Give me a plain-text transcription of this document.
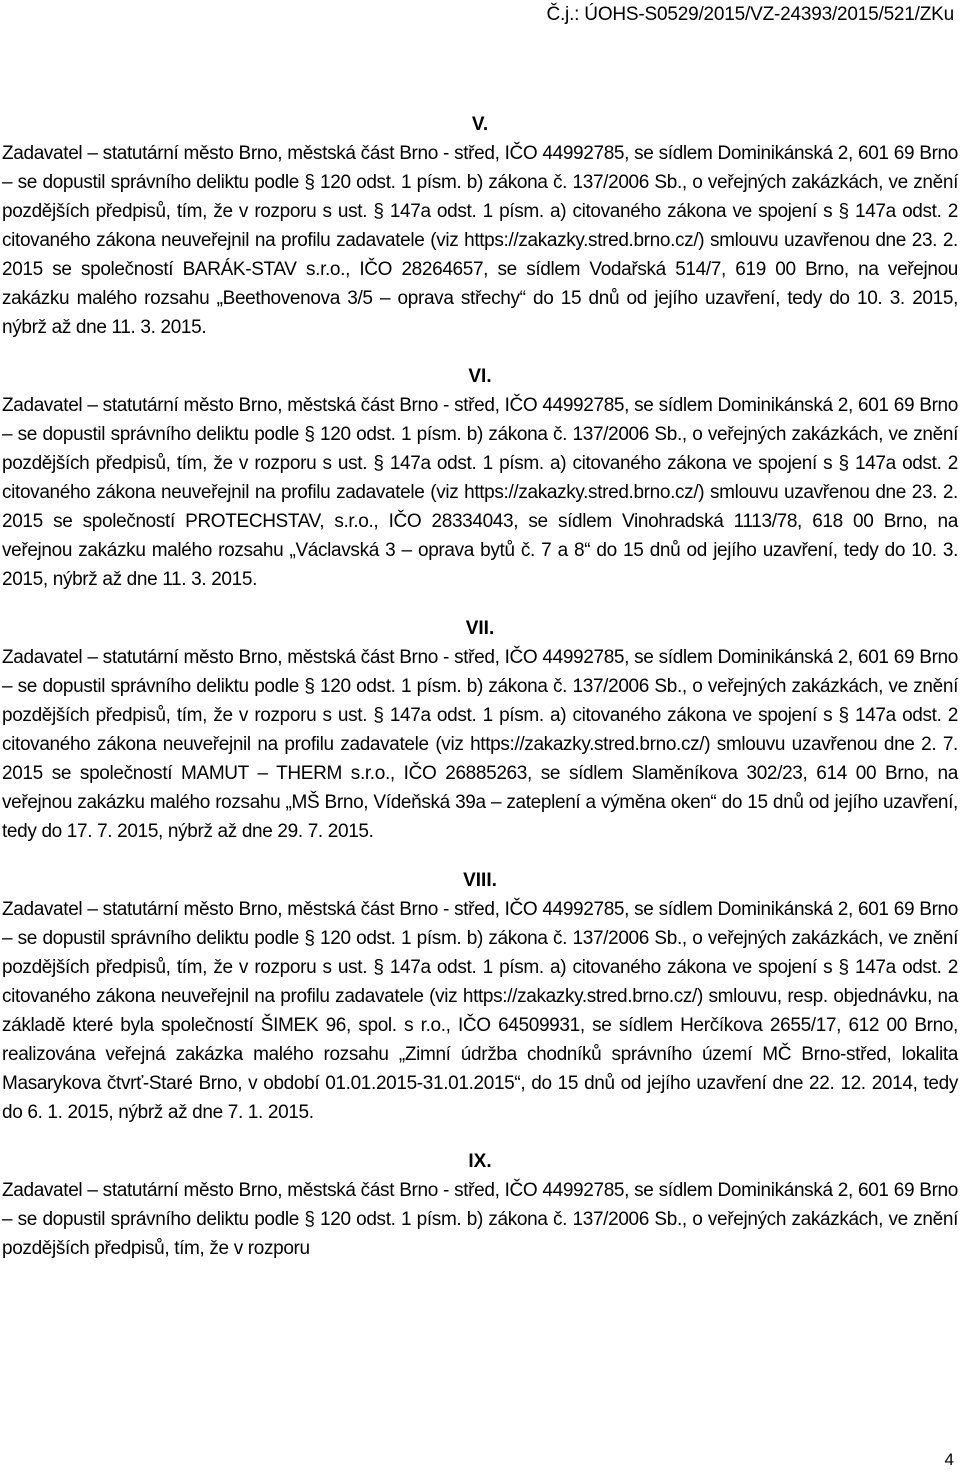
Č.j.: ÚOHS-S0529/2015/VZ-24393/2015/521/ZKu
V.

Zadavatel – statutární město Brno, městská část Brno - střed, IČO 44992785, se sídlem Dominikánská 2, 601 69 Brno – se dopustil správního deliktu podle § 120 odst. 1 písm. b) zákona č. 137/2006 Sb., o veřejných zakázkách, ve znění pozdějších předpisů, tím, že v rozporu s ust. § 147a odst. 1 písm. a) citovaného zákona ve spojení s § 147a odst. 2 citovaného zákona neuveřejnil na profilu zadavatele (viz https://zakazky.stred.brno.cz/) smlouvu uzavřenou dne 23. 2. 2015 se společností BARÁK-STAV s.r.o., IČO 28264657, se sídlem Vodařská 514/7, 619 00 Brno, na veřejnou zakázku malého rozsahu „Beethovenova 3/5 – oprava střechy“ do 15 dnů od jejího uzavření, tedy do 10. 3. 2015, nýbrž až dne 11. 3. 2015.

VI.

Zadavatel – statutární město Brno, městská část Brno - střed, IČO 44992785, se sídlem Dominikánská 2, 601 69 Brno – se dopustil správního deliktu podle § 120 odst. 1 písm. b) zákona č. 137/2006 Sb., o veřejných zakázkách, ve znění pozdějších předpisů, tím, že v rozporu s ust. § 147a odst. 1 písm. a) citovaného zákona ve spojení s § 147a odst. 2 citovaného zákona neuveřejnil na profilu zadavatele (viz https://zakazky.stred.brno.cz/) smlouvu uzavřenou dne 23. 2. 2015 se společností PROTECHSTAV, s.r.o., IČO 28334043, se sídlem Vinohradská 1113/78, 618 00 Brno, na veřejnou zakázku malého rozsahu „Václavská 3 – oprava bytů č. 7 a 8“ do 15 dnů od jejího uzavření, tedy do 10. 3. 2015, nýbrž až dne 11. 3. 2015.

VII.

Zadavatel – statutární město Brno, městská část Brno - střed, IČO 44992785, se sídlem Dominikánská 2, 601 69 Brno – se dopustil správního deliktu podle § 120 odst. 1 písm. b) zákona č. 137/2006 Sb., o veřejných zakázkách, ve znění pozdějších předpisů, tím, že v rozporu s ust. § 147a odst. 1 písm. a) citovaného zákona ve spojení s § 147a odst. 2 citovaného zákona neuveřejnil na profilu zadavatele (viz https://zakazky.stred.brno.cz/) smlouvu uzavřenou dne 2. 7. 2015 se společností MAMUT – THERM s.r.o., IČO 26885263, se sídlem Slaměníkova 302/23, 614 00 Brno, na veřejnou zakázku malého rozsahu „MŠ Brno, Vídeňská 39a – zateplení a výměna oken“ do 15 dnů od jejího uzavření, tedy do 17. 7. 2015, nýbrž až dne 29. 7. 2015.

VIII.

Zadavatel – statutární město Brno, městská část Brno - střed, IČO 44992785, se sídlem Dominikánská 2, 601 69 Brno – se dopustil správního deliktu podle § 120 odst. 1 písm. b) zákona č. 137/2006 Sb., o veřejných zakázkách, ve znění pozdějších předpisů, tím, že v rozporu s ust. § 147a odst. 1 písm. a) citovaného zákona ve spojení s § 147a odst. 2 citovaného zákona neuveřejnil na profilu zadavatele (viz https://zakazky.stred.brno.cz/) smlouvu, resp. objednávku, na základě které byla společností ŠIMEK 96, spol. s r.o., IČO 64509931, se sídlem Herčíkova 2655/17, 612 00 Brno, realizována veřejná zakázka malého rozsahu „Zimní údržba chodníků správního území MČ Brno-střed, lokalita Masarykova čtvrť-Staré Brno, v období 01.01.2015-31.01.2015“, do 15 dnů od jejího uzavření dne 22. 12. 2014, tedy do 6. 1. 2015, nýbrž až dne 7. 1. 2015.

IX.

Zadavatel – statutární město Brno, městská část Brno - střed, IČO 44992785, se sídlem Dominikánská 2, 601 69 Brno – se dopustil správního deliktu podle § 120 odst. 1 písm. b) zákona č. 137/2006 Sb., o veřejných zakázkách, ve znění pozdějších předpisů, tím, že v rozporu

4
